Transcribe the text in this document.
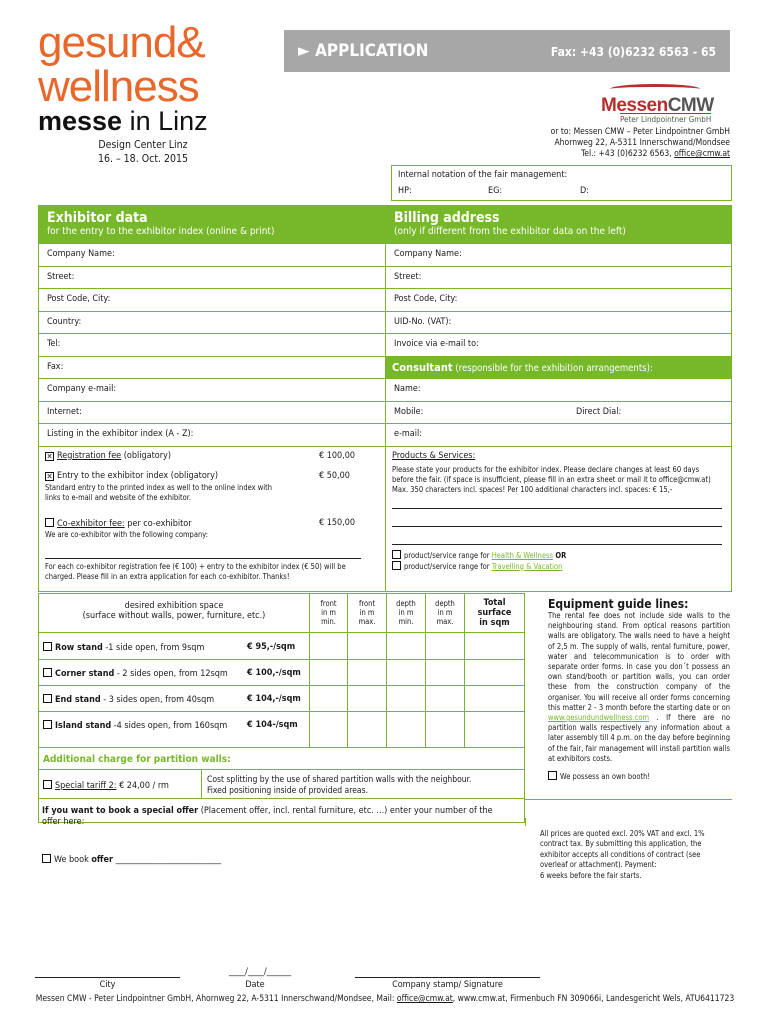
gesund&
wellness
messe in Linz
Design Center Linz
16. – 18. Oct. 2015
► APPLICATION	Fax: +43 (0)6232 6563 - 65
MessenCMW
Peter Lindpointner GmbH
or to: Messen CMW – Peter Lindpointner GmbH
Ahornweg 22, A-5311 Innerschwand/Mondsee
Tel.: +43 (0)6232 6563, office@cmw.at
Internal notation of the fair management:
HP:	EG:	D:
Exhibitor data
for the entry to the exhibitor index (online & print)
Company Name:
Street:
Post Code, City:
Country:
Tel:
Fax:
Company e-mail:
Internet:
Listing in the exhibitor index (A - Z):
✕ Registration fee (obligatory)	€ 100,00
✕ Entry to the exhibitor index (obligatory)	€ 50,00
Standard entry to the printed index as well to the online index with links to e-mail and website of the exhibitor.
Co-exhibitor fee: per co-exhibitor	€ 150,00
We are co-exhibitor with the following company:
For each co-exhibitor registration fee (€ 100) + entry to the exhibitor index (€ 50) will be charged. Please fill in an extra application for each co-exhibitor. Thanks!
Billing address
(only if different from the exhibitor data on the left)
Company Name:
Street:
Post Code, City:
UID-No. (VAT):
Invoice via e-mail to:
Consultant (responsible for the exhibition arrangements):
Name:
Mobile:	Direct Dial:
e-mail:
Products & Services:
Please state your products for the exhibitor index. Please declare changes at least 60 days before the fair. (if space is insufficient, please fill in an extra sheet or mail it to office@cmw.at) Max. 350 characters incl. spaces! Per 100 additional characters incl. spaces: € 15,-
product/service range for Health & Wellness OR
product/service range for Travelling & Vacation
desired exhibition space
(surface without walls, power, furniture, etc.)
front
in m
min.
front
in m
max.
depth
in m
min.
depth
in m
max.
Total
surface
in sqm
Row stand -1 side open, from 9sqm	€ 95,-/sqm
Corner stand - 2 sides open, from 12sqm € 100,-/sqm
End stand - 3 sides open, from 40sqm	€ 104,-/sqm
Island stand -4 sides open, from 160sqm € 104-/sqm
Additional charge for partition walls:
Special tariff 2: € 24,00 / rm
Cost splitting by the use of shared partition walls with the neighbour.
Fixed positioning inside of provided areas.
If you want to book a special offer (Placement offer, incl. rental furniture, etc. ...) enter your number of the offer here:
We book offer __________________________
Equipment guide lines:
The rental fee does not include side walls to the neighbouring stand. From optical reasons partition walls are obligatory. The walls need to have a height of 2,5 m. The supply of walls, rental furniture, power, water and telecommunication is to order with separate order forms. In case you don´t possess an own stand/booth or partition walls, you can order these from the construction company of the organiser. You will receive all order forms concerning this matter 2 - 3 month before the starting date or on www.gesundundwellness.com . If there are no partition walls respectively any information about a later assembly till 4 p.m. on the day before beginning of the fair, fair management will install partition walls at exhibitors costs.
We possess an own booth!
All prices are quoted excl. 20% VAT and excl. 1% contract tax. By submitting this application, the exhibitor accepts all conditions of contract (see overleaf or attachment). Payment:
6 weeks before the fair starts.
City
____/____/______
Date	Company stamp/ Signature
Messen CMW - Peter Lindpointner GmbH, Ahornweg 22, A-5311 Innerschwand/Mondsee, Mail: office@cmw.at, www.cmw.at, Firmenbuch FN 309066i, Landesgericht Wels, ATU6411723
